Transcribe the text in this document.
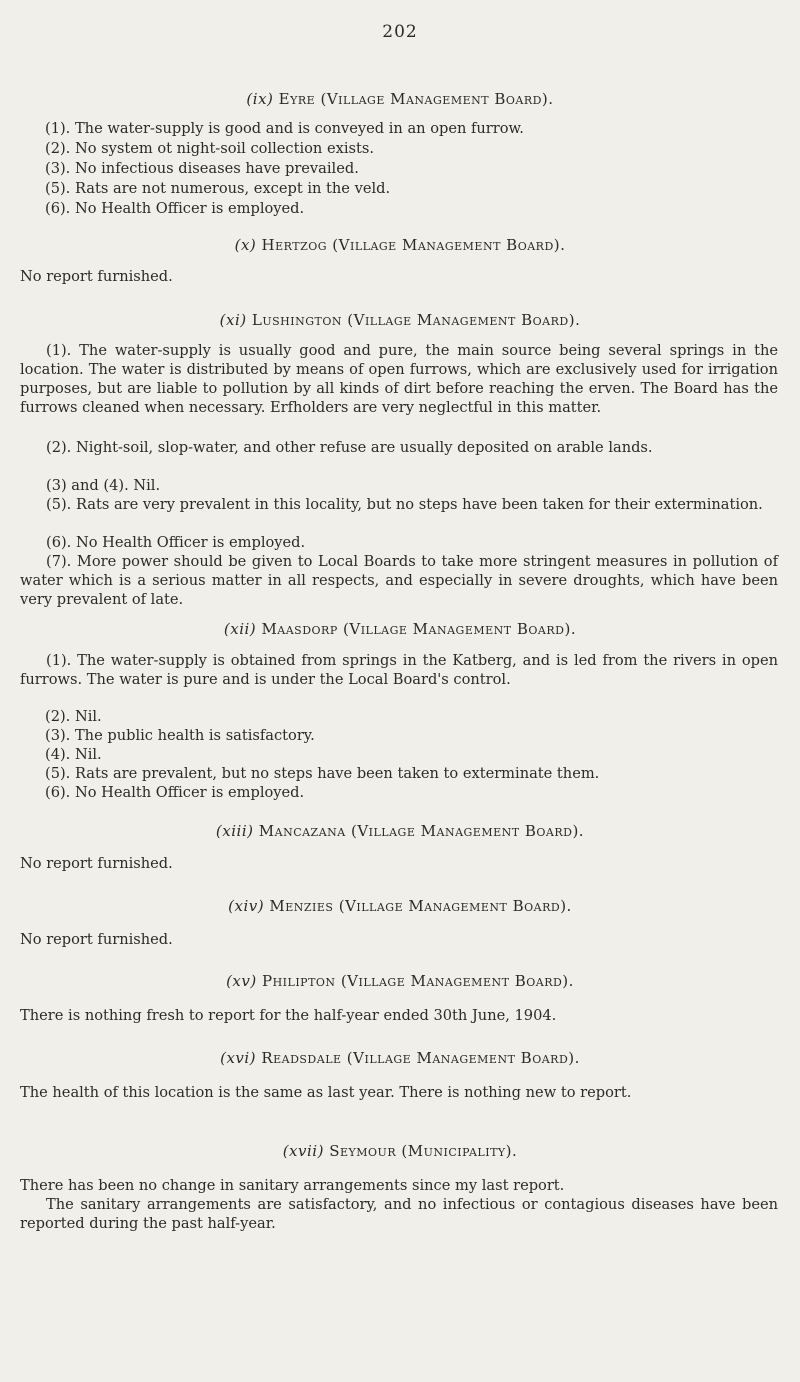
202
(ix) Eyre (Village Management Board).
(1). The water-supply is good and is conveyed in an open furrow.
(2). No system ot night-soil collection exists.
(3). No infectious diseases have prevailed.
(5). Rats are not numerous, except in the veld.
(6). No Health Officer is employed.
(x) Hertzog (Village Management Board).
No report furnished.
(xi) Lushington (Village Management Board).

(1). The water-supply is usually good and pure, the main source being several springs in the location. The water is distributed by means of open furrows, which are exclusively used for irrigation purposes, but are liable to pollution by all kinds of dirt before reaching the erven. The Board has the furrows cleaned when necessary. Erfholders are very neglectful in this matter.

(2). Night-soil, slop-water, and other refuse are usually deposited on arable lands.

(3) and (4). Nil.

(5). Rats are very prevalent in this locality, but no steps have been taken for their extermination.

(6). No Health Officer is employed.

(7). More power should be given to Local Boards to take more stringent measures in pollution of water which is a serious matter in all respects, and especially in severe droughts, which have been very prevalent of late.

(xii) Maasdorp (Village Management Board).

(1). The water-supply is obtained from springs in the Katberg, and is led from the rivers in open furrows. The water is pure and is under the Local Board's control.

(2). Nil.
(3). The public health is satisfactory.
(4). Nil.
(5). Rats are prevalent, but no steps have been taken to exterminate them.
(6). No Health Officer is employed.
(xiii) Mancazana (Village Management Board).
No report furnished.
(xiv) Menzies (Village Management Board).
No report furnished.
(xv) Philipton (Village Management Board).
There is nothing fresh to report for the half-year ended 30th June, 1904.
(xvi) Readsdale (Village Management Board).

The health of this location is the same as last year. There is nothing new to report.

(xvii) Seymour (Municipality).

There has been no change in sanitary arrangements since my last report.

The sanitary arrangements are satisfactory, and no infectious or contagious diseases have been reported during the past half-year.
